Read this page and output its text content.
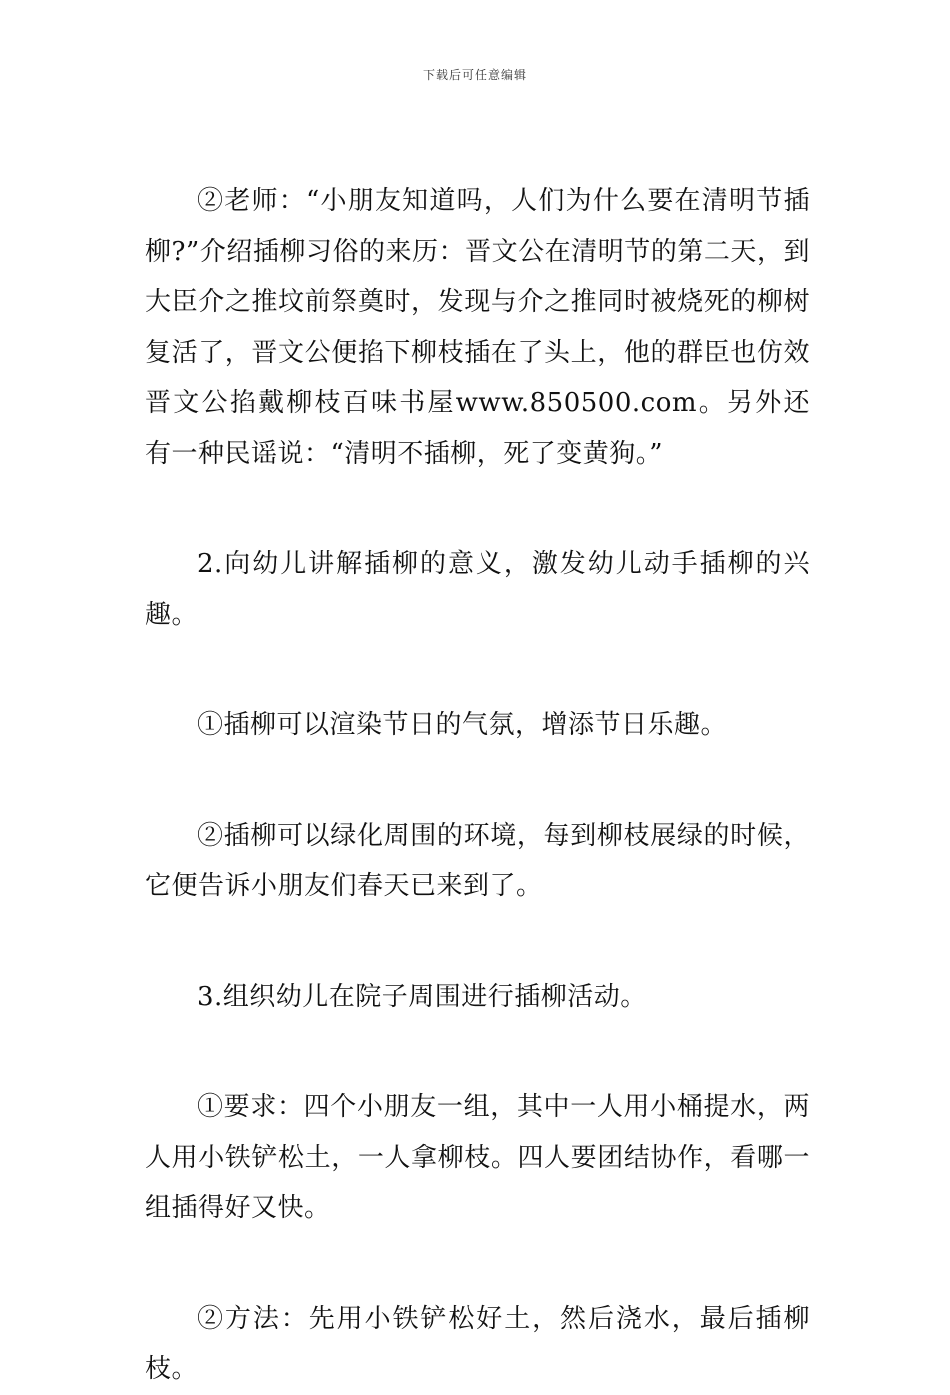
下载后可任意编辑

②老师：“小朋友知道吗，人们为什么要在清明节插柳?”介绍插柳习俗的来历：晋文公在清明节的第二天，到大臣介之推坟前祭奠时，发现与介之推同时被烧死的柳树复活了，晋文公便掐下柳枝插在了头上，他的群臣也仿效晋文公掐戴柳枝百味书屋www.850500.com。另外还有一种民谣说：“清明不插柳，死了变黄狗。”

2.向幼儿讲解插柳的意义，激发幼儿动手插柳的兴趣。

①插柳可以渲染节日的气氛，增添节日乐趣。

②插柳可以绿化周围的环境，每到柳枝展绿的时候，它便告诉小朋友们春天已来到了。

3.组织幼儿在院子周围进行插柳活动。

①要求：四个小朋友一组，其中一人用小桶提水，两人用小铁铲松土，一人拿柳枝。四人要团结协作，看哪一组插得好又快。

②方法：先用小铁铲松好土，然后浇水，最后插柳枝。
